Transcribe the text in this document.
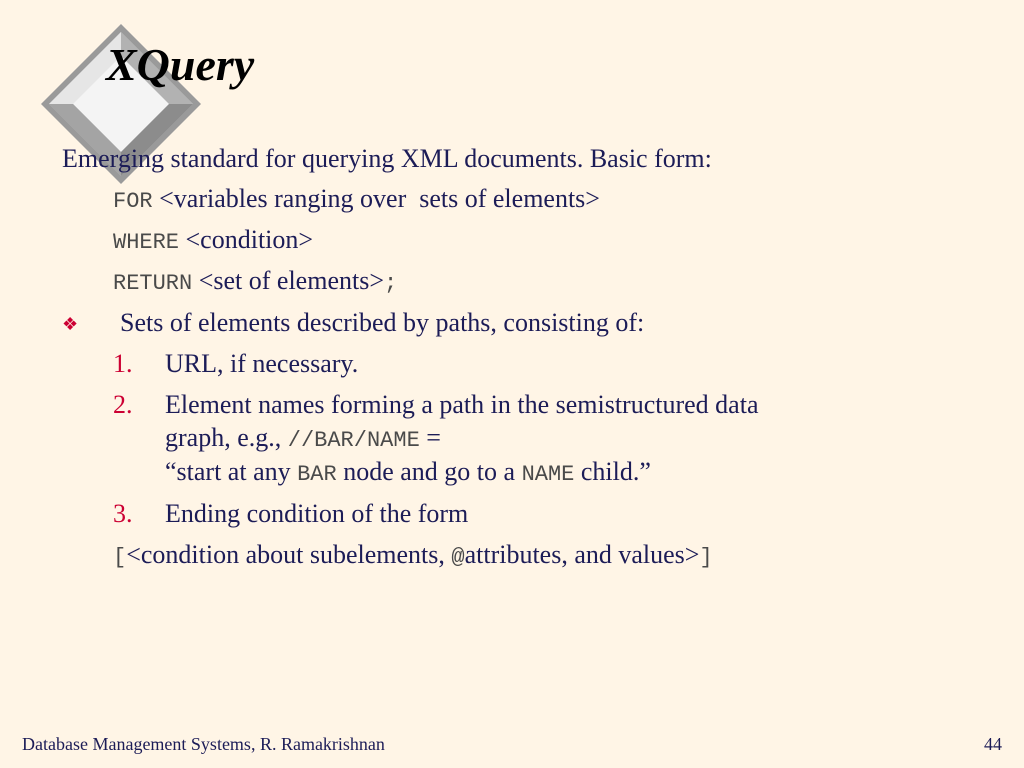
XQuery
Emerging standard for querying XML documents. Basic form:
FOR <variables ranging over  sets of elements>
WHERE <condition>
RETURN <set of elements>;
❖ Sets of elements described by paths, consisting of:
1. URL, if necessary.
2. Element names forming a path in the semistructured data
graph, e.g., //BAR/NAME =
“start at any BAR node and go to a NAME child.”
3. Ending condition of the form
[<condition about subelements, @attributes, and values>]
Database Management Systems, R. Ramakrishnan	44
